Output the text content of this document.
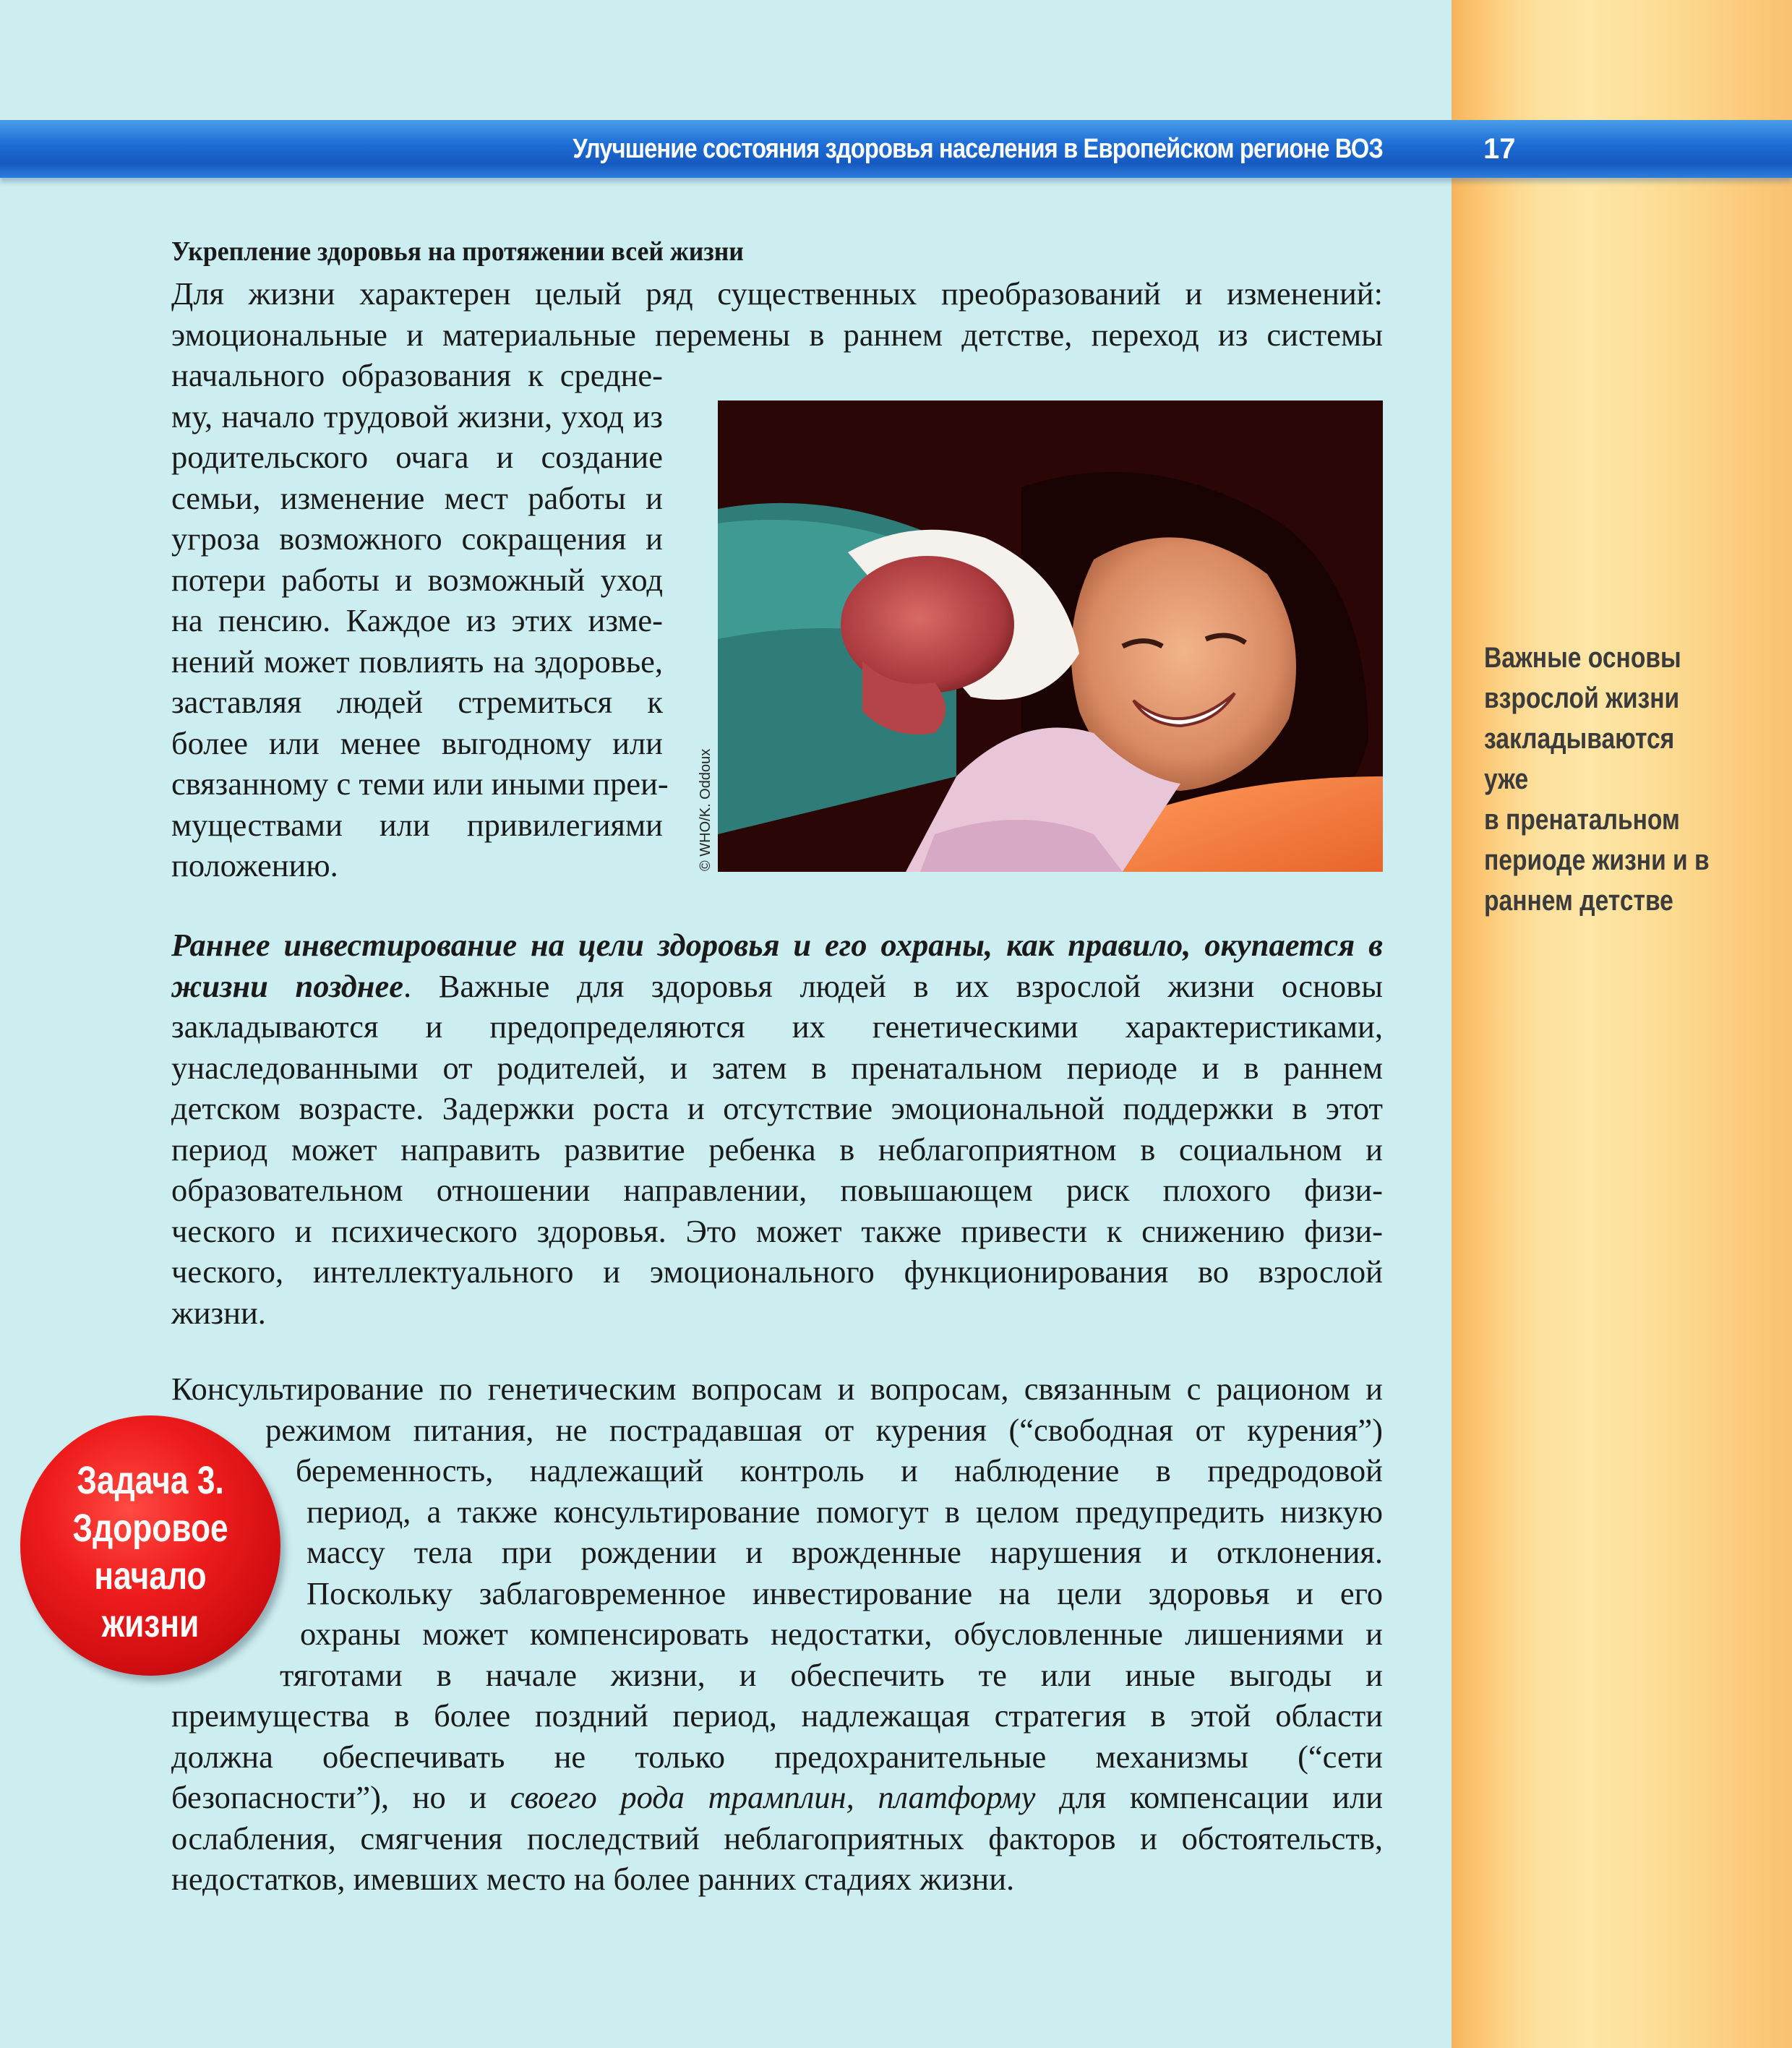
Улучшение состояния здоровья населения в Европейском регионе ВОЗ	17
Укрепление здоровья на протяжении всей жизни
Для жизни характерен целый ряд существенных преобразований и изменений:
эмоциональные и материальные перемены в раннем детстве, переход из системы
начального образования к средне-
му, начало трудовой жизни, уход из
родительского очага и создание
семьи, изменение мест работы и
угроза возможного сокращения и
потери работы и возможный уход
на пенсию. Каждое из этих изме-
нений может повлиять на здоровье,
заставляя людей стремиться к
более или менее выгодному или
связанному с теми или иными преи-
муществами или привилегиями
положению.	© WHO/K. Oddoux
Раннее инвестирование на цели здоровья и его охраны, как правило, окупается в
жизни позднее. Важные для здоровья людей в их взрослой жизни основы
закладываются и предопределяются их генетическими характеристиками,
унаследованными от родителей, и затем в пренатальном периоде и в раннем
детском возрасте. Задержки роста и отсутствие эмоциональной поддержки в этот
период может направить развитие ребенка в неблагоприятном в социальном и
образовательном отношении направлении, повышающем риск плохого физи-
ческого и психического здоровья. Это может также привести к снижению физи-
ческого, интеллектуального и эмоционального функционирования во взрослой
жизни.
Консультирование по генетическим вопросам и вопросам, связанным с рационом и
режимом питания, не пострадавшая от курения (“свободная от курения”)
беременность, надлежащий контроль и наблюдение в предродовой
период, а также консультирование помогут в целом предупредить низкую
массу тела при рождении и врожденные нарушения и отклонения.
Поскольку заблаговременное инвестирование на цели здоровья и его
охраны может компенсировать недостатки, обусловленные лишениями и
тяготами в начале жизни, и обеспечить те или иные выгоды и
преимущества в более поздний период, надлежащая стратегия в этой области
должна обеспечивать не только предохранительные механизмы (“сети
безопасности”), но и своего рода трамплин, платформу для компенсации или
ослабления, смягчения последствий неблагоприятных факторов и обстоятельств,
недостатков, имевших место на более ранних стадиях жизни.
Важные основы
взрослой жизни
закладываются уже
в пренатальном
периоде жизни и в
раннем детстве
Задача 3.
Здоровое
начало
жизни
